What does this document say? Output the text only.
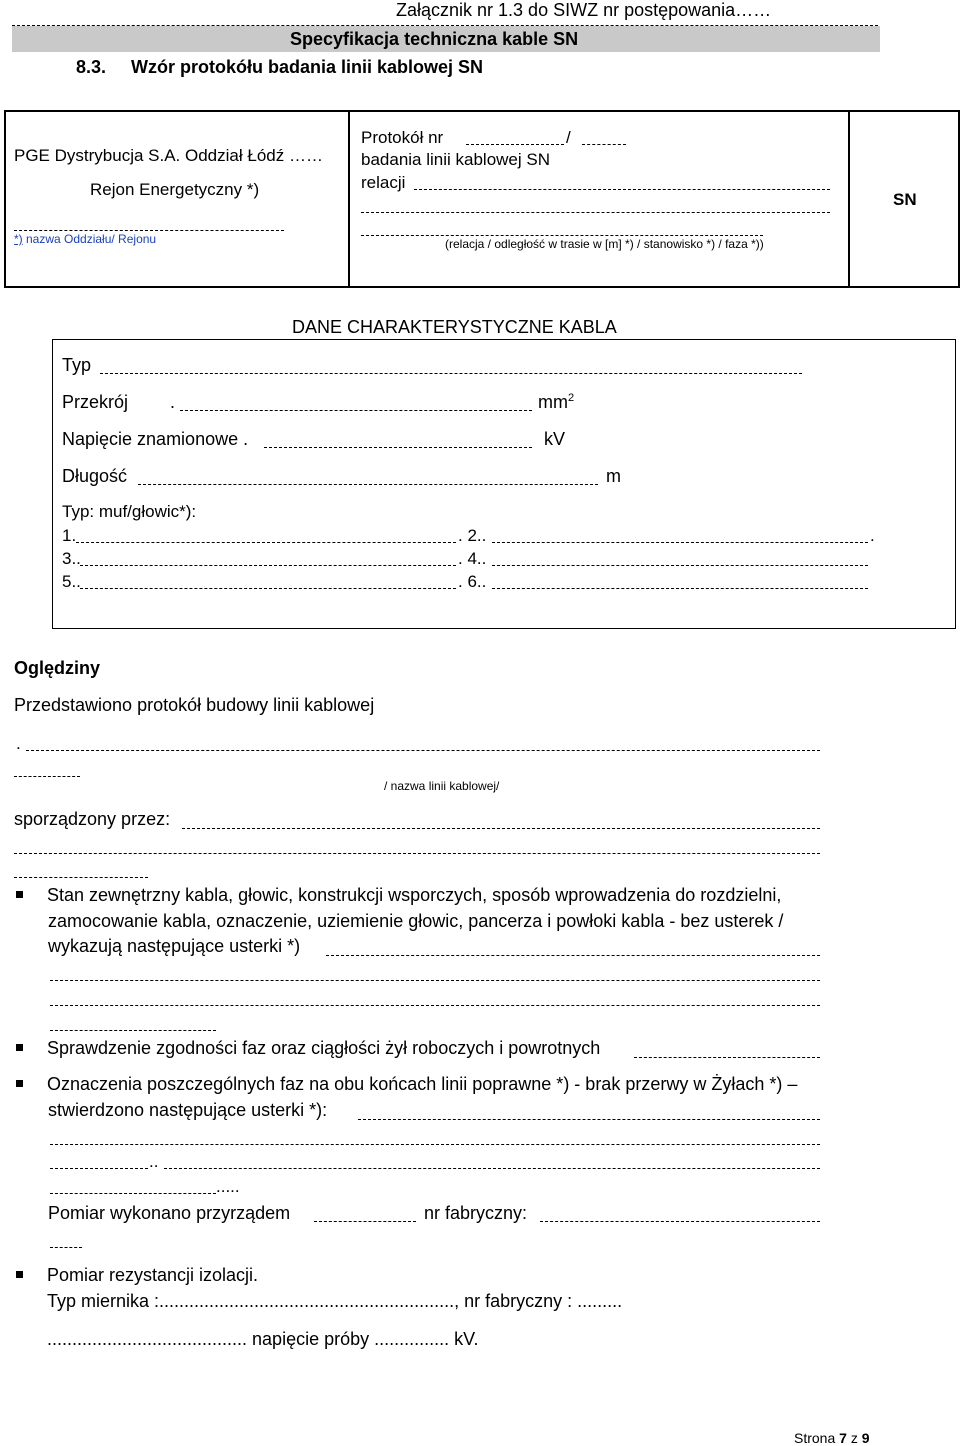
Załącznik nr 1.3 do SIWZ nr postępowania……
Specyfikacja techniczna kable SN
8.3. Wzór protokółu badania linii kablowej SN
PGE Dystrybucja S.A. Oddział Łódź ……
Rejon Energetyczny *)
*) nazwa Oddziału/ Rejonu
Protokół nr	/
badania linii kablowej SN
relacji
(relacja / odległość w trasie w [m] *) / stanowisko *) / faza *))
SN
DANE CHARAKTERYSTYCZNE KABLA
Typ
Przekrój .	$mm^2$
Napięcie znamionowe .	kV
Długość	m
Typ: muf/głowic*):
1.	. 2..	.
3..	. 4..
5..	. 6..
Oględziny
Przedstawiono protokół budowy linii kablowej
.
/ nazwa linii kablowej/
sporządzony przez:
Stan zewnętrzny kabla, głowic, konstrukcji wsporczych, sposób wprowadzenia do rozdzielni,
zamocowanie kabla, oznaczenie, uziemienie głowic, pancerza i powłoki kabla - bez usterek /
wykazują następujące usterki *)
Sprawdzenie zgodności faz oraz ciągłości żył roboczych i powrotnych
Oznaczenia poszczególnych faz na obu końcach linii poprawne *) - brak przerwy w Żyłach *) –
stwierdzono następujące usterki *):
..
.....
Pomiar wykonano przyrządem	nr fabryczny:
Pomiar rezystancji izolacji.
Typ miernika :..........................................................., nr fabryczny : .........
........................................ napięcie próby ............... kV.
Strona 7 z 9
